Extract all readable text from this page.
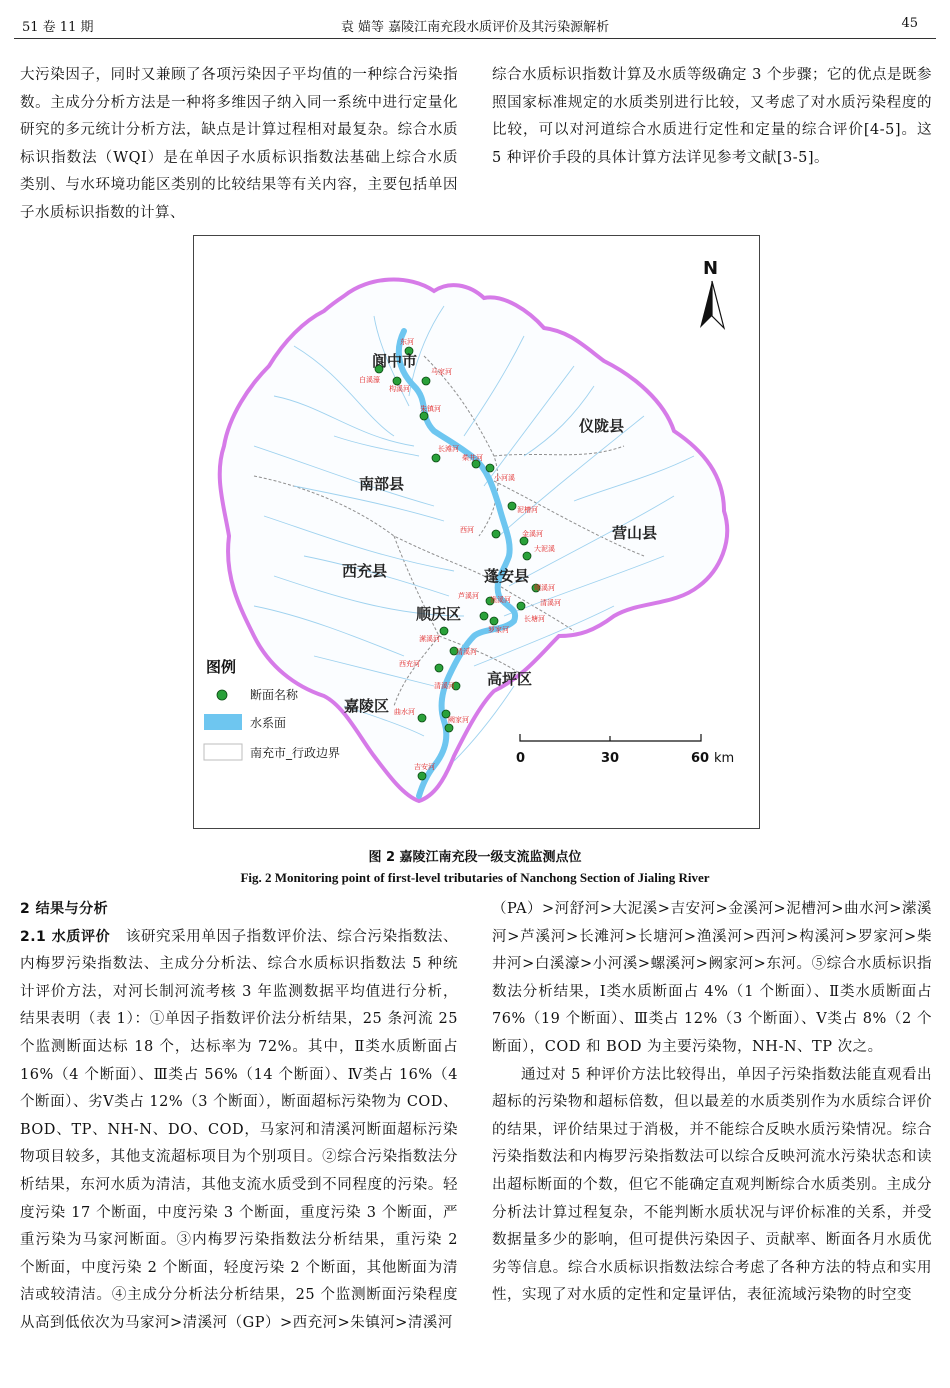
51 卷 11 期	袁 媌等 嘉陵江南充段水质评价及其污染源解析	45

大污染因子，同时又兼顾了各项污染因子平均值的一种综合污染指数。主成分分析方法是一种将多维因子纳入同一系统中进行定量化研究的多元统计分析方法，缺点是计算过程相对最复杂。综合水质标识指数法（WQI）是在单因子水质标识指数法基础上综合水质类别、与水环境功能区类别的比较结果等有关内容，主要包括单因子水质标识指数的计算、

综合水质标识指数计算及水质等级确定 3 个步骤；它的优点是既参照国家标准规定的水质类别进行比较，又考虑了对水质污染程度的比较，可以对河道综合水质进行定性和定量的综合评价[4-5]。这 5 种评价手段的具体计算方法详见参考文献[3-5]。

东河
白溪濠
构溪河
马家河
朱镇河
长滩河
柴井河
小河溪
泥槽河
西河	金溪河
大泥溪
螺溪河
芦溪河 渔溪河	清溪河
长塘河
罗家河
潆溪河
清溪河
西充河
清溪河
曲水河
阙家河
吉安河
阆中市
仪陇县
南部县
营山县
西充县	蓬安县
顺庆区
高坪区
嘉陵区
N
图例
断面名称
水系面
南充市_行政边界	0	30	60 km
图 2 嘉陵江南充段一级支流监测点位
Fig. 2 Monitoring point of first-level tributaries of Nanchong Section of Jialing River

2 结果与分析

2.1 水质评价 该研究采用单因子指数评价法、综合污染指数法、内梅罗污染指数法、主成分分析法、综合水质标识指数法 5 种统计评价方法，对河长制河流考核 3 年监测数据平均值进行分析，结果表明（表 1）：①单因子指数评价法分析结果，25 条河流 25 个监测断面达标 18 个，达标率为 72%。其中，Ⅱ类水质断面占 16%（4 个断面）、Ⅲ类占 56%（14 个断面）、Ⅳ类占 16%（4 个断面）、劣Ⅴ类占 12%（3 个断面），断面超标污染物为 COD、BOD、TP、NH-N、DO、COD，马家河和清溪河断面超标污染物项目较多，其他支流超标项目为个别项目。②综合污染指数法分析结果，东河水质为清洁，其他支流水质受到不同程度的污染。轻度污染 17 个断面，中度污染 3 个断面，重度污染 3 个断面，严重污染为马家河断面。③内梅罗污染指数法分析结果，重污染 2 个断面，中度污染 2 个断面，轻度污染 2 个断面，其他断面为清洁或较清洁。④主成分分析法分析结果，25 个监测断面污染程度从高到低依次为马家河>清溪河（GP）>西充河>朱镇河>清溪河

（PA）>河舒河>大泥溪>吉安河>金溪河>泥槽河>曲水河>潆溪河>芦溪河>长滩河>长塘河>渔溪河>西河>构溪河>罗家河>柴井河>白溪濠>小河溪>螺溪河>阙家河>东河。⑤综合水质标识指数法分析结果，Ⅰ类水质断面占 4%（1 个断面）、Ⅱ类水质断面占 76%（19 个断面）、Ⅲ类占 12%（3 个断面）、Ⅴ类占 8%（2 个断面），COD 和 BOD 为主要污染物，NH-N、TP 次之。

通过对 5 种评价方法比较得出，单因子污染指数法能直观看出超标的污染物和超标倍数，但以最差的水质类别作为水质综合评价的结果，评价结果过于消极，并不能综合反映水质污染情况。综合污染指数法和内梅罗污染指数法可以综合反映河流水污染状态和读出超标断面的个数，但它不能确定直观判断综合水质类别。主成分分析法计算过程复杂，不能判断水质状况与评价标准的关系，并受数据量多少的影响，但可提供污染因子、贡献率、断面各月水质优劣等信息。综合水质标识指数法综合考虑了各种方法的特点和实用性，实现了对水质的定性和定量评估，表征流域污染物的时空变
